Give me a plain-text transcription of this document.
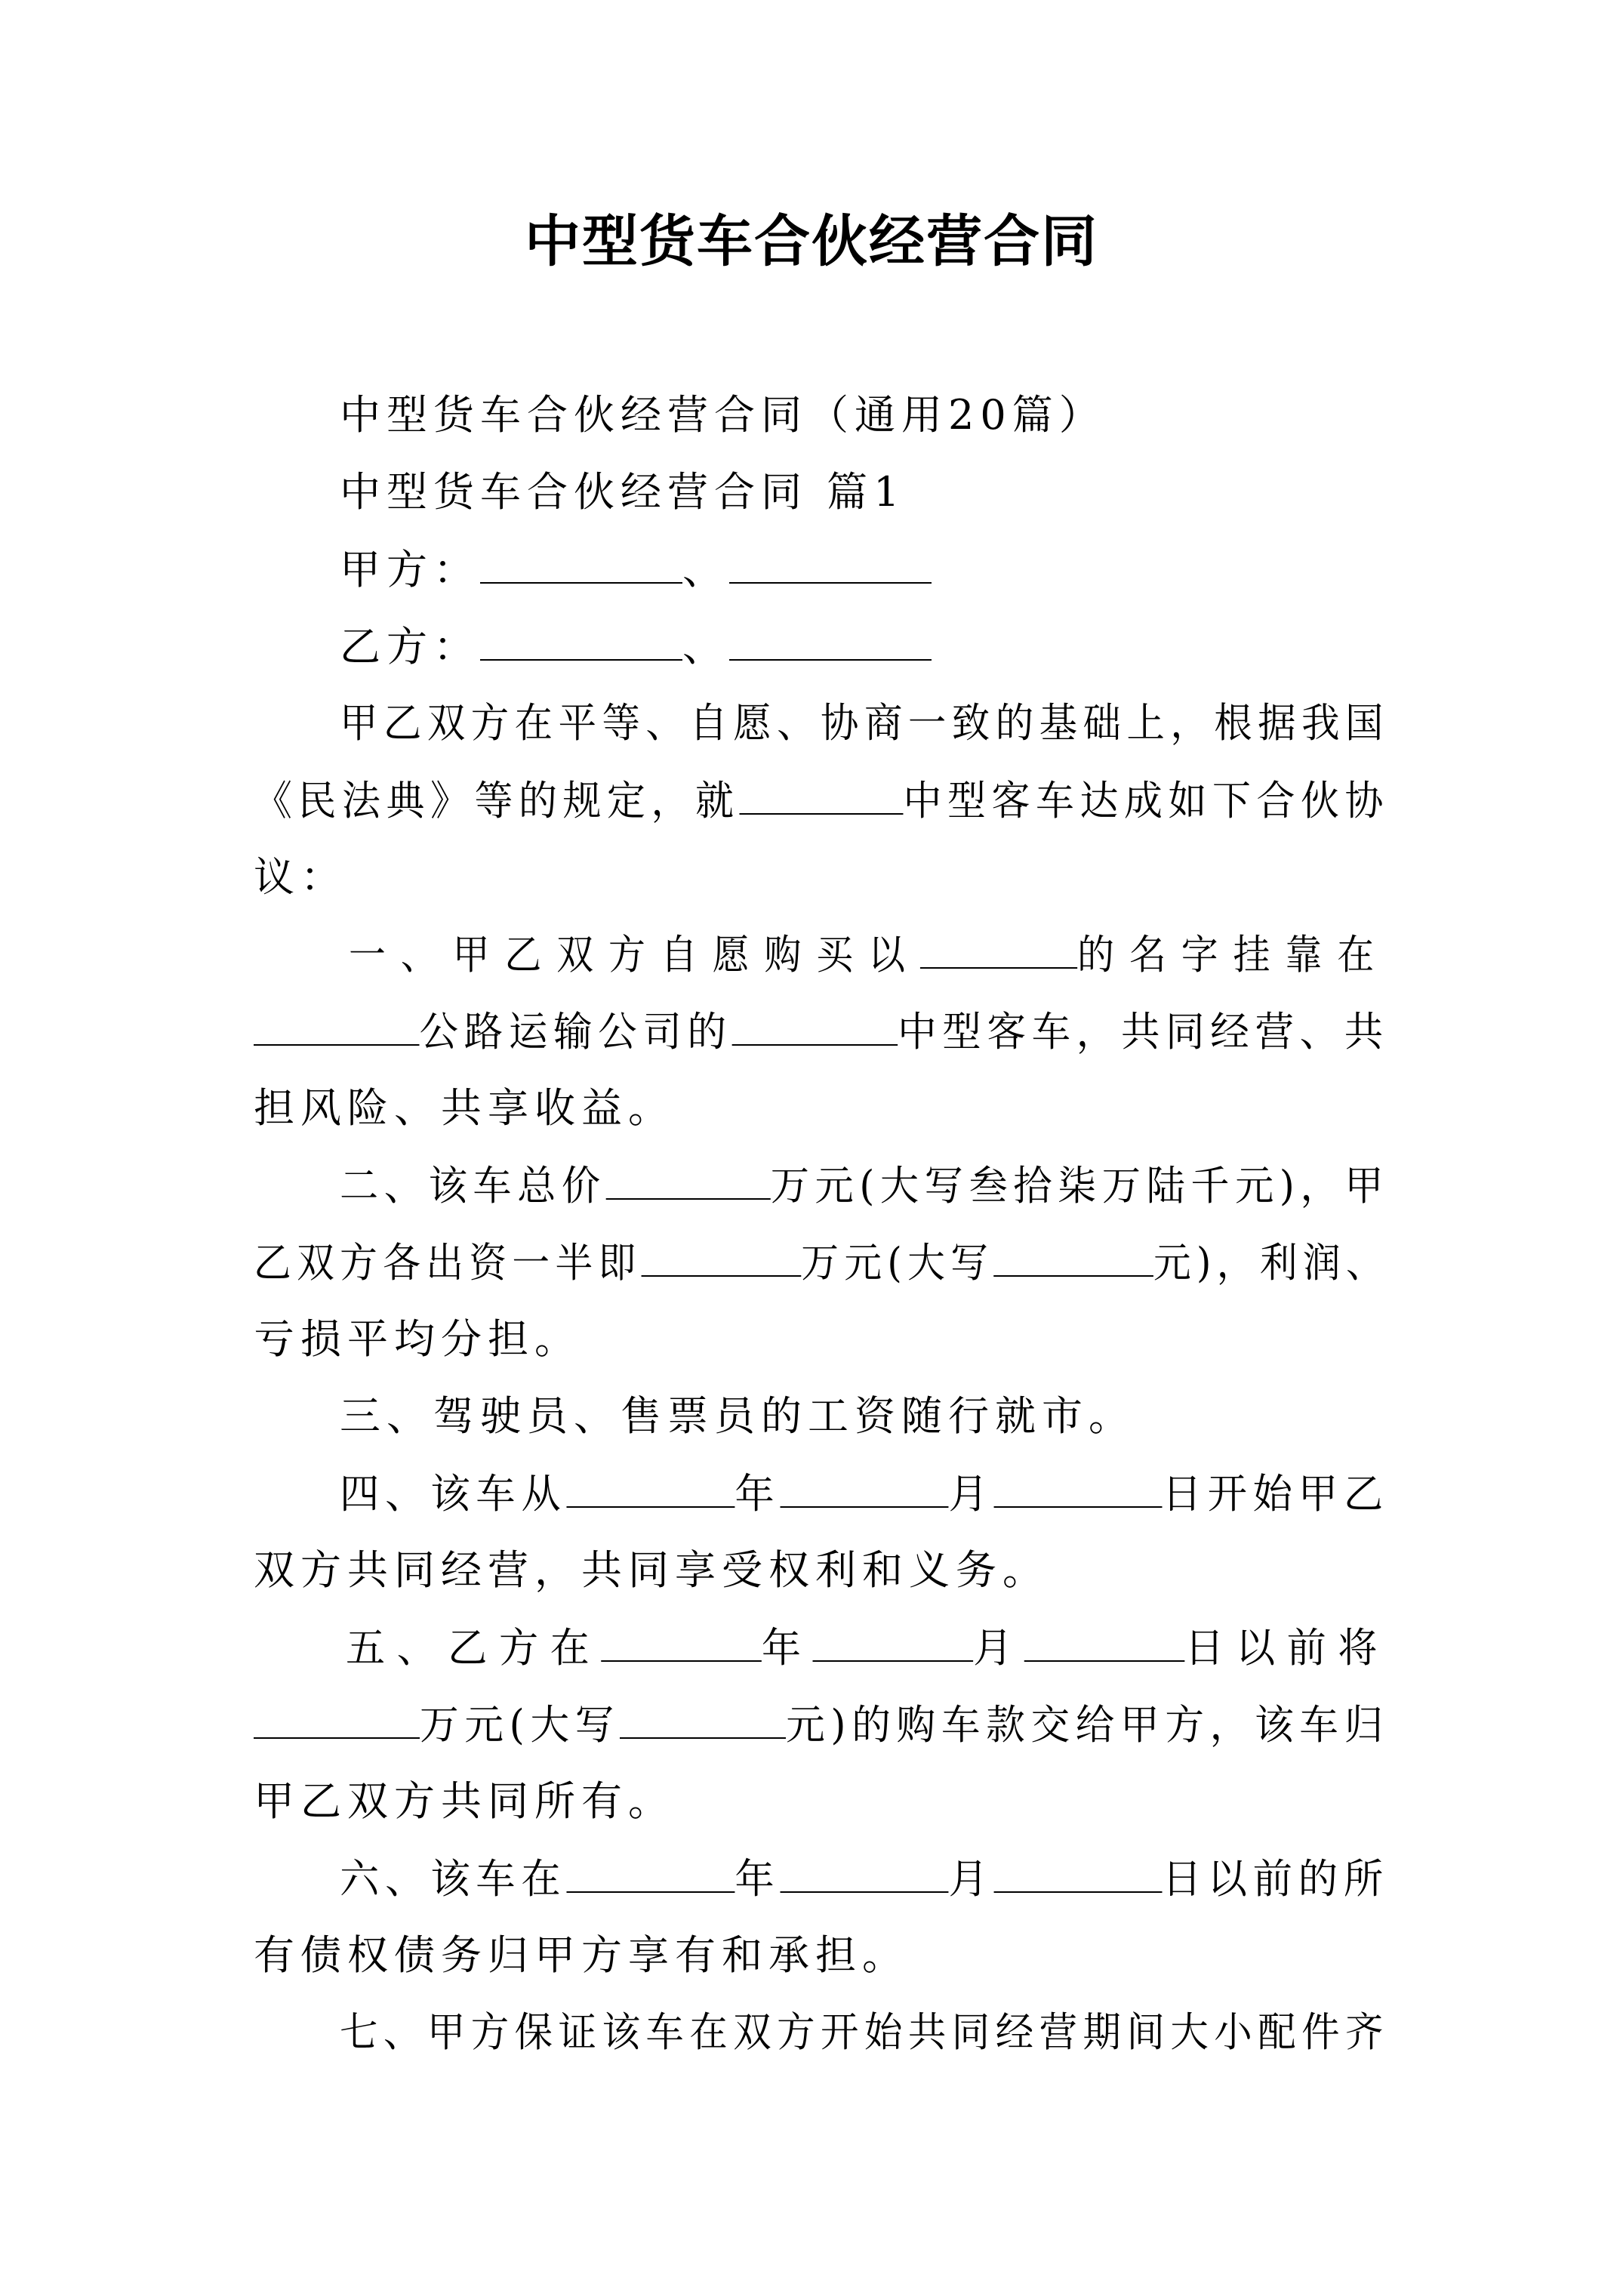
中型货车合伙经营合同
中型货车合伙经营合同（通用20篇）
中型货车合伙经营合同 篇1
甲方：	、
乙方：	、
甲乙双方在平等、自愿、协商一致的基础上，根据我国
《民法典》等的规定，就	中型客车达成如下合伙协
议：
一、甲乙双方自愿购买以	的名字挂靠在
公路运输公司的	中型客车，共同经营、共
担风险、共享收益。
二、该车总价	万元(大写叁拾柒万陆千元)，甲
乙双方各出资一半即	万元(大写	元)，利润、
亏损平均分担。
三、驾驶员、售票员的工资随行就市。
四、该车从	年	月	日开始甲乙
双方共同经营，共同享受权利和义务。
五、乙方在	年	月	日以前将
万元(大写	元)的购车款交给甲方，该车归
甲乙双方共同所有。
六、该车在	年	月	日以前的所
有债权债务归甲方享有和承担。
七、甲方保证该车在双方开始共同经营期间大小配件齐
